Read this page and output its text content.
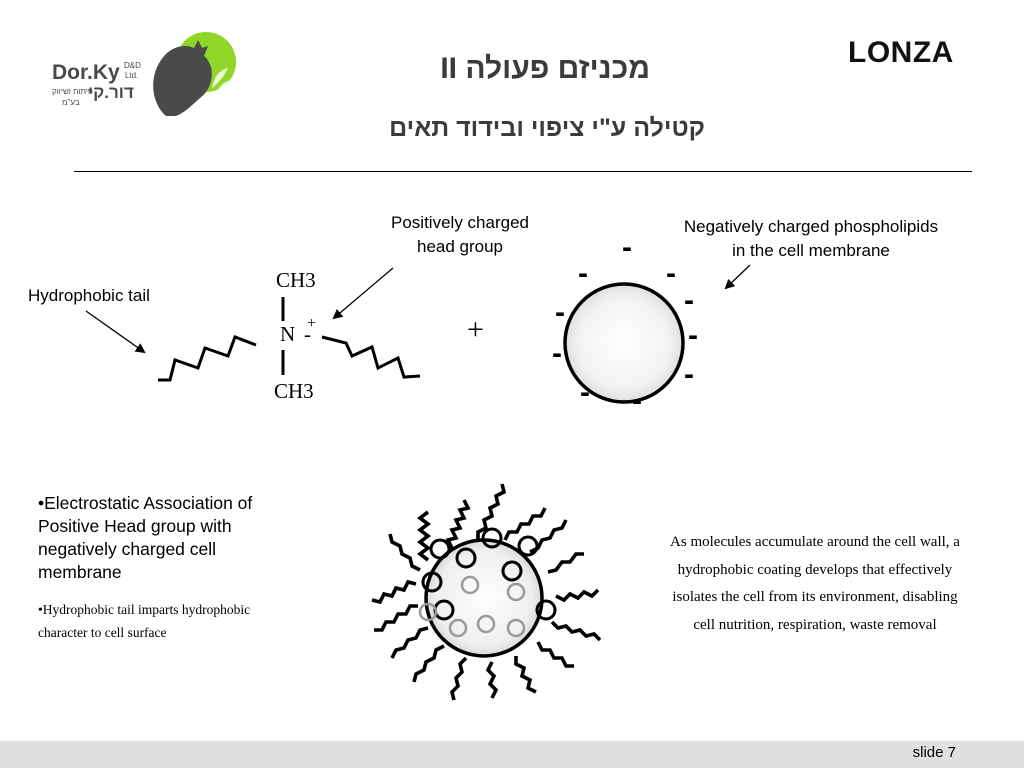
Dor.Ky D&D
Ltd.
דור.קי
פיתוח ושיווק
בע"מ
מכניזם פעולה II
קטילה ע"י ציפוי ובידוד תאים
LONZA
Hydrophobic tail
Positively charged
head group
Negatively charged phospholipids
in the cell membrane
CH3
N -
+
CH3
+
-
-	-
-
-
-
-
-
- -
•Electrostatic Association of
Positive Head group with
negatively charged cell
membrane
•Hydrophobic tail imparts hydrophobic
character to cell surface
As molecules accumulate around the cell wall, a
hydrophobic coating develops that effectively
isolates the cell from its environment, disabling
cell nutrition, respiration, waste removal
slide 7
